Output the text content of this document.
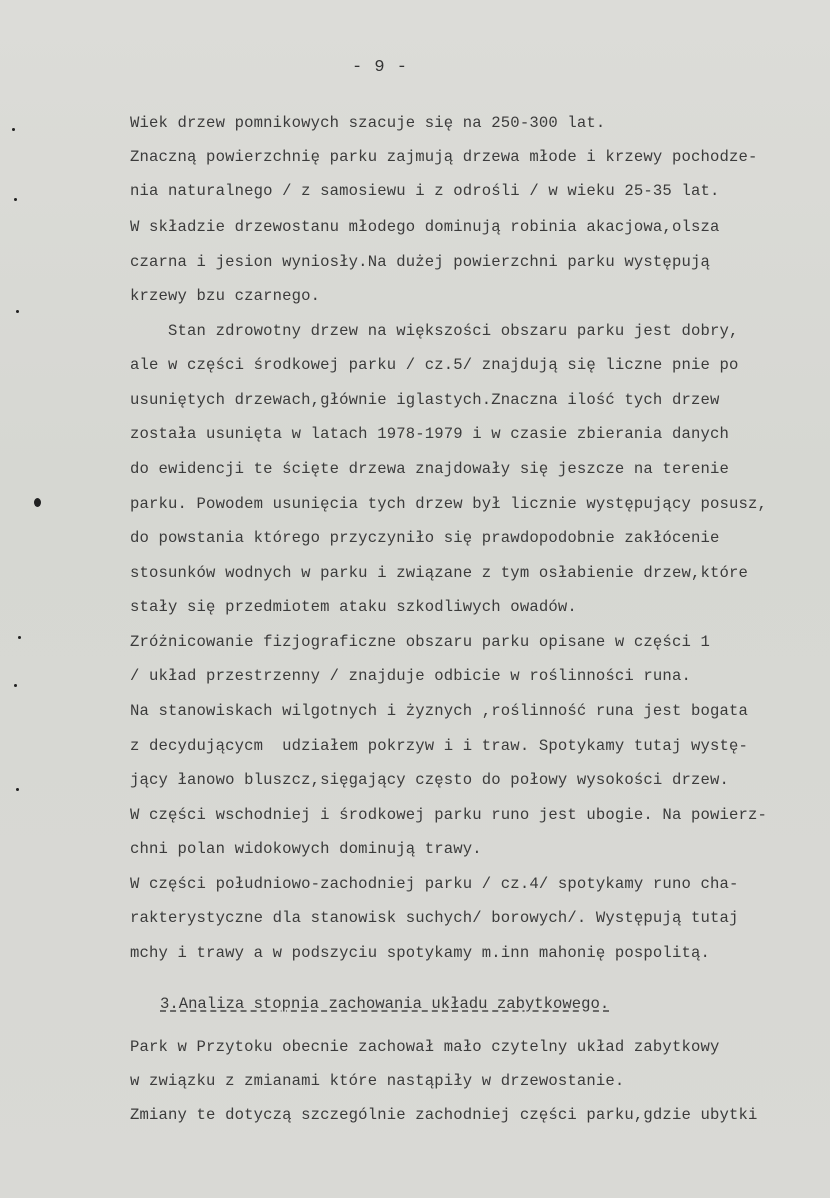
- 9 -
Wiek drzew pomnikowych szacuje się na 250-300 lat.
Znaczną powierzchnię parku zajmują drzewa młode i krzewy pochodze-
nia naturalnego / z samosiewu i z odrośli / w wieku 25-35 lat.
W składzie drzewostanu młodego dominują robinia akacjowa,olsza
czarna i jesion wyniosły.Na dużej powierzchni parku występują
krzewy bzu czarnego.
Stan zdrowotny drzew na większości obszaru parku jest dobry,
ale w części środkowej parku / cz.5/ znajdują się liczne pnie po
usuniętych drzewach,głównie iglastych.Znaczna ilość tych drzew
została usunięta w latach 1978-1979 i w czasie zbierania danych
do ewidencji te ścięte drzewa znajdowały się jeszcze na terenie
parku. Powodem usunięcia tych drzew był licznie występujący posusz,
do powstania którego przyczyniło się prawdopodobnie zakłócenie
stosunków wodnych w parku i związane z tym osłabienie drzew,które
stały się przedmiotem ataku szkodliwych owadów.
Zróżnicowanie fizjograficzne obszaru parku opisane w części 1
/ układ przestrzenny / znajduje odbicie w roślinności runa.
Na stanowiskach wilgotnych i żyznych ,roślinność runa jest bogata
z decydującycm  udziałem pokrzyw i i traw. Spotykamy tutaj wystę-
jący łanowo bluszcz,sięgający często do połowy wysokości drzew.
W części wschodniej i środkowej parku runo jest ubogie. Na powierz-
chni polan widokowych dominują trawy.
W części południowo-zachodniej parku / cz.4/ spotykamy runo cha-
rakterystyczne dla stanowisk suchych/ borowych/. Występują tutaj
mchy i trawy a w podszyciu spotykamy m.inn mahonię pospolitą.
3.Analiza stopnia zachowania układu zabytkowego.
Park w Przytoku obecnie zachował mało czytelny układ zabytkowy
w związku z zmianami które nastąpiły w drzewostanie.
Zmiany te dotyczą szczególnie zachodniej części parku,gdzie ubytki
